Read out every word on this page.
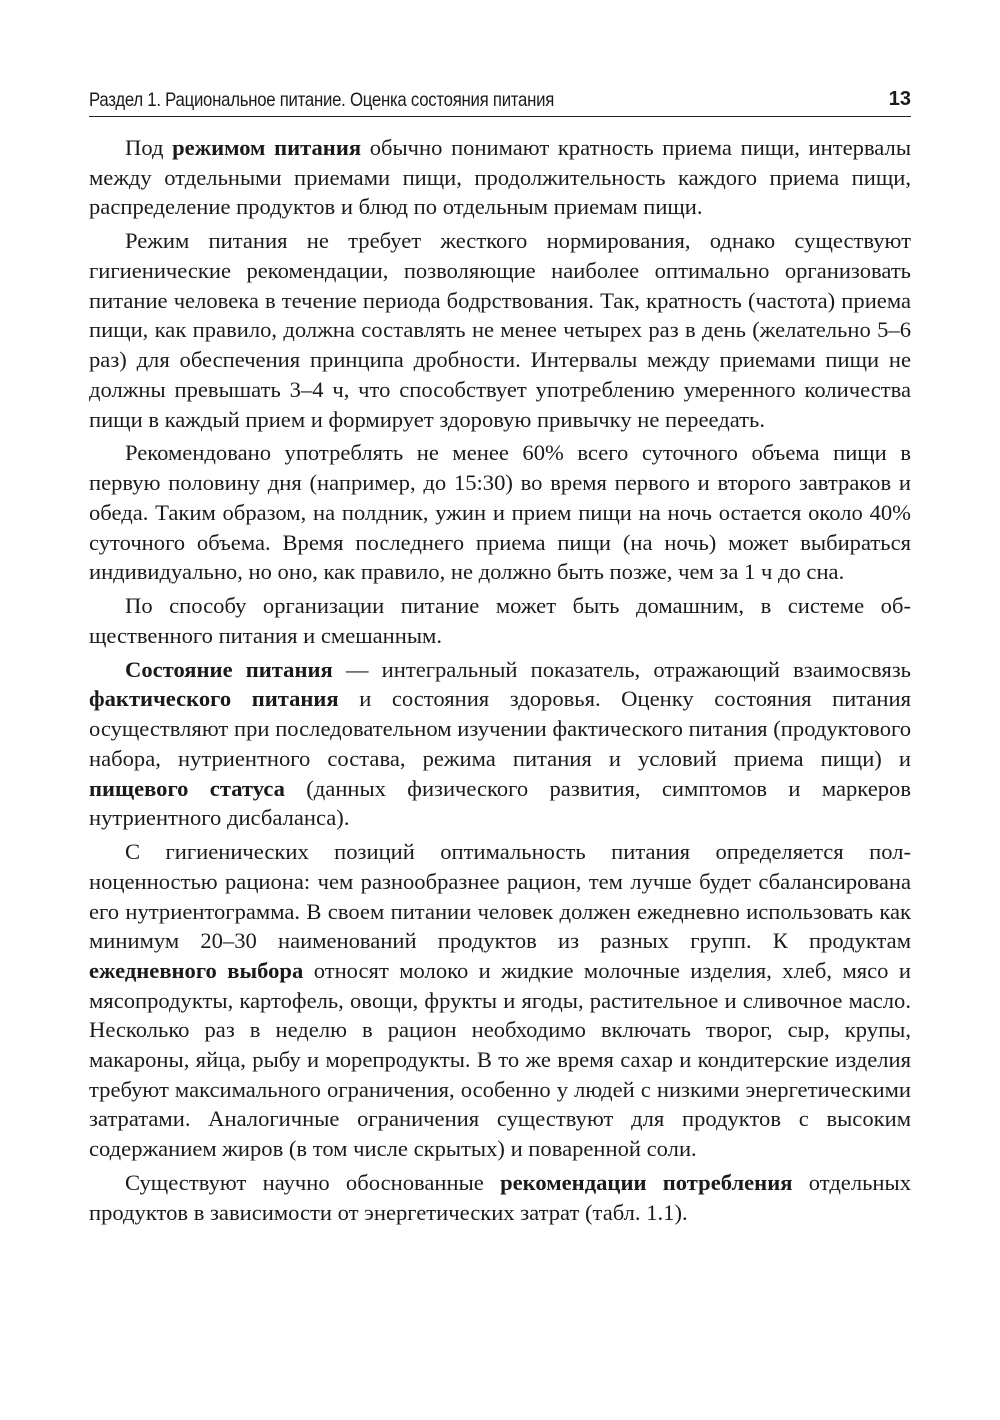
Раздел 1. Рациональное питание. Оценка состояния питания	13

Под режимом питания обычно понимают кратность приема пищи, интервалы между отдельными приемами пищи, продолжительность каждого приема пищи, распределение продуктов и блюд по отдельным приемам пищи.

Режим питания не требует жесткого нормирования, однако существуют гигиенические рекомендации, позволяющие наиболее оптимально организовать питание человека в течение периода бодрствования. Так, кратность (частота) приема пищи, как правило, должна составлять не менее четырех раз в день (желательно 5–6 раз) для обеспечения принципа дробности. Интервалы между приемами пищи не должны превышать 3–4 ч, что способствует употреблению умеренного количества пищи в каждый прием и формирует здоровую привычку не переедать.

Рекомендовано употреблять не менее 60% всего суточного объема пищи в первую половину дня (например, до 15:30) во время первого и второго завтраков и обеда. Таким образом, на полдник, ужин и прием пищи на ночь остается около 40% суточного объема. Время последнего приема пищи (на ночь) может выбираться индивидуально, но оно, как правило, не должно быть позже, чем за 1 ч до сна.

По способу организации питание может быть домашним, в системе общественного питания и смешанным.

Состояние питания — интегральный показатель, отражающий взаимосвязь фактического питания и состояния здоровья. Оценку состояния питания осуществляют при последовательном изучении фактического питания (продуктового набора, нутриентного состава, режима питания и условий приема пищи) и пищевого статуса (данных физического развития, симптомов и маркеров нутриентного дисбаланса).

С гигиенических позиций оптимальность питания определяется полноценностью рациона: чем разнообразнее рацион, тем лучше будет сбалансирована его нутриентограмма. В своем питании человек должен ежедневно использовать как минимум 20–30 наименований продуктов из разных групп. К продуктам ежедневного выбора относят молоко и жидкие молочные изделия, хлеб, мясо и мясопродукты, картофель, овощи, фрукты и ягоды, растительное и сливочное масло. Несколько раз в неделю в рацион необходимо включать творог, сыр, крупы, макароны, яйца, рыбу и морепродукты. В то же время сахар и кондитерские изделия требуют максимального ограничения, особенно у людей с низкими энергетическими затратами. Аналогичные ограничения существуют для продуктов с высоким содержанием жиров (в том числе скрытых) и поваренной соли.

Существуют научно обоснованные рекомендации потребления отдельных продуктов в зависимости от энергетических затрат (табл. 1.1).
